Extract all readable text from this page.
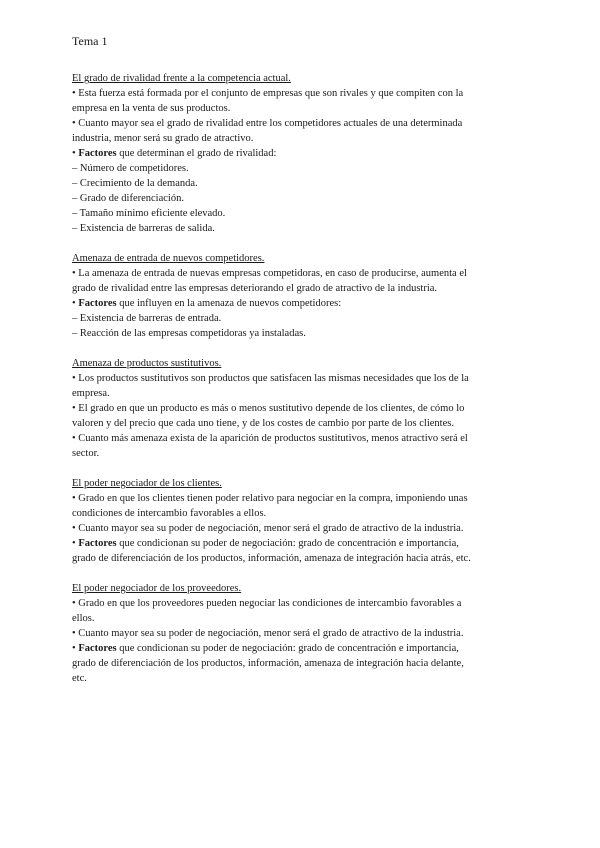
Tema 1

El grado de rivalidad frente a la competencia actual.

• Esta fuerza está formada por el conjunto de empresas que son rivales y que compiten con la

empresa en la venta de sus productos.

• Cuanto mayor sea el grado de rivalidad entre los competidores actuales de una determinada

industria, menor será su grado de atractivo.

• Factores que determinan el grado de rivalidad:

– Número de competidores.

– Crecimiento de la demanda.

– Grado de diferenciación.

– Tamaño mínimo eficiente elevado.

– Existencia de barreras de salida.

Amenaza de entrada de nuevos competidores.

• La amenaza de entrada de nuevas empresas competidoras, en caso de producirse, aumenta el

grado de rivalidad entre las empresas deteriorando el grado de atractivo de la industria.

• Factores que influyen en la amenaza de nuevos competidores:

– Existencia de barreras de entrada.

– Reacción de las empresas competidoras ya instaladas.

Amenaza de productos sustitutivos.

• Los productos sustitutivos son productos que satisfacen las mismas necesidades que los de la

empresa.

• El grado en que un producto es más o menos sustitutivo depende de los clientes, de cómo lo

valoren y del precio que cada uno tiene, y de los costes de cambio por parte de los clientes.

• Cuanto más amenaza exista de la aparición de productos sustitutivos, menos atractivo será el

sector.

El poder negociador de los clientes.

• Grado en que los clientes tienen poder relativo para negociar en la compra, imponiendo unas

condiciones de intercambio favorables a ellos.

• Cuanto mayor sea su poder de negociación, menor será el grado de atractivo de la industria.

• Factores que condicionan su poder de negociación: grado de concentración e importancia,

grado de diferenciación de los productos, información, amenaza de integración hacia atrás, etc.

El poder negociador de los proveedores.

• Grado en que los proveedores pueden negociar las condiciones de intercambio favorables a

ellos.

• Cuanto mayor sea su poder de negociación, menor será el grado de atractivo de la industria.

• Factores que condicionan su poder de negociación: grado de concentración e importancia,

grado de diferenciación de los productos, información, amenaza de integración hacia delante,

etc.
